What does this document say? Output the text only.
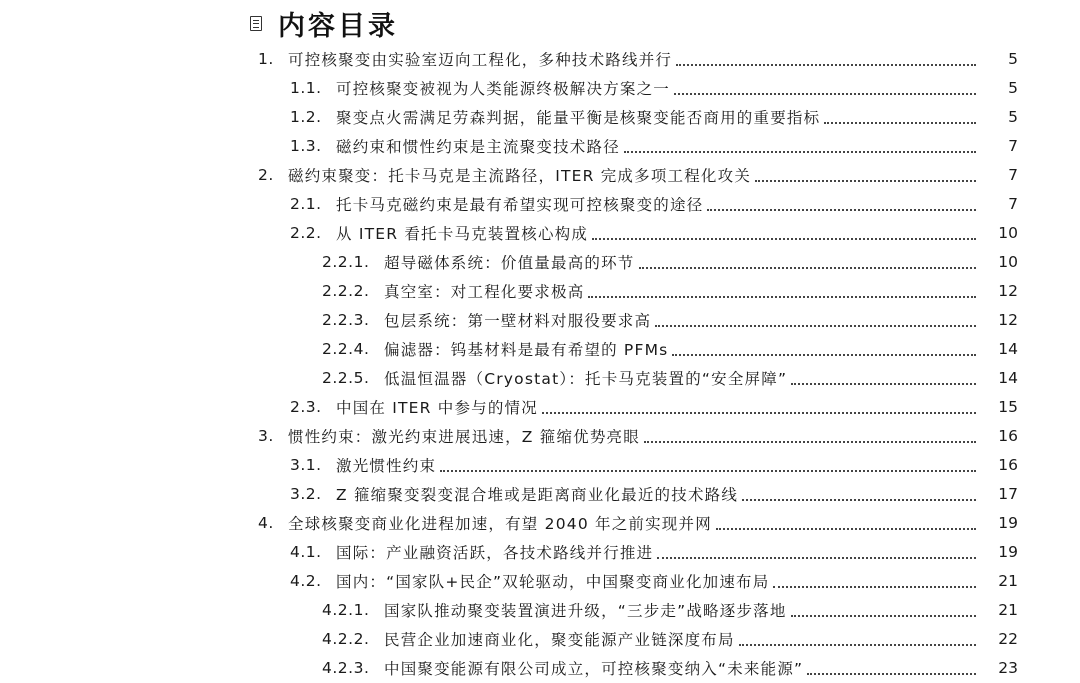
内容目录
1. 可控核聚变由实验室迈向工程化，多种技术路线并行	5
1.1. 可控核聚变被视为人类能源终极解决方案之一	5
1.2. 聚变点火需满足劳森判据，能量平衡是核聚变能否商用的重要指标	5
1.3. 磁约束和惯性约束是主流聚变技术路径	7
2. 磁约束聚变：托卡马克是主流路径，ITER 完成多项工程化攻关	7
2.1. 托卡马克磁约束是最有希望实现可控核聚变的途径	7
2.2. 从 ITER 看托卡马克装置核心构成	10
2.2.1. 超导磁体系统：价值量最高的环节	10
2.2.2. 真空室：对工程化要求极高	12
2.2.3. 包层系统：第一壁材料对服役要求高	12
2.2.4. 偏滤器：钨基材料是最有希望的 PFMs	14
2.2.5. 低温恒温器（Cryostat）：托卡马克装置的“安全屏障”	14
2.3. 中国在 ITER 中参与的情况	15
3. 惯性约束：激光约束进展迅速，Z 箍缩优势亮眼	16
3.1. 激光惯性约束	16
3.2. Z 箍缩聚变裂变混合堆或是距离商业化最近的技术路线	17
4. 全球核聚变商业化进程加速，有望 2040 年之前实现并网	19
4.1. 国际：产业融资活跃，各技术路线并行推进	19
4.2. 国内：“国家队+民企”双轮驱动，中国聚变商业化加速布局	21
4.2.1. 国家队推动聚变装置演进升级，“三步走”战略逐步落地	21
4.2.2. 民营企业加速商业化，聚变能源产业链深度布局	22
4.2.3. 中国聚变能源有限公司成立，可控核聚变纳入“未来能源”	23
